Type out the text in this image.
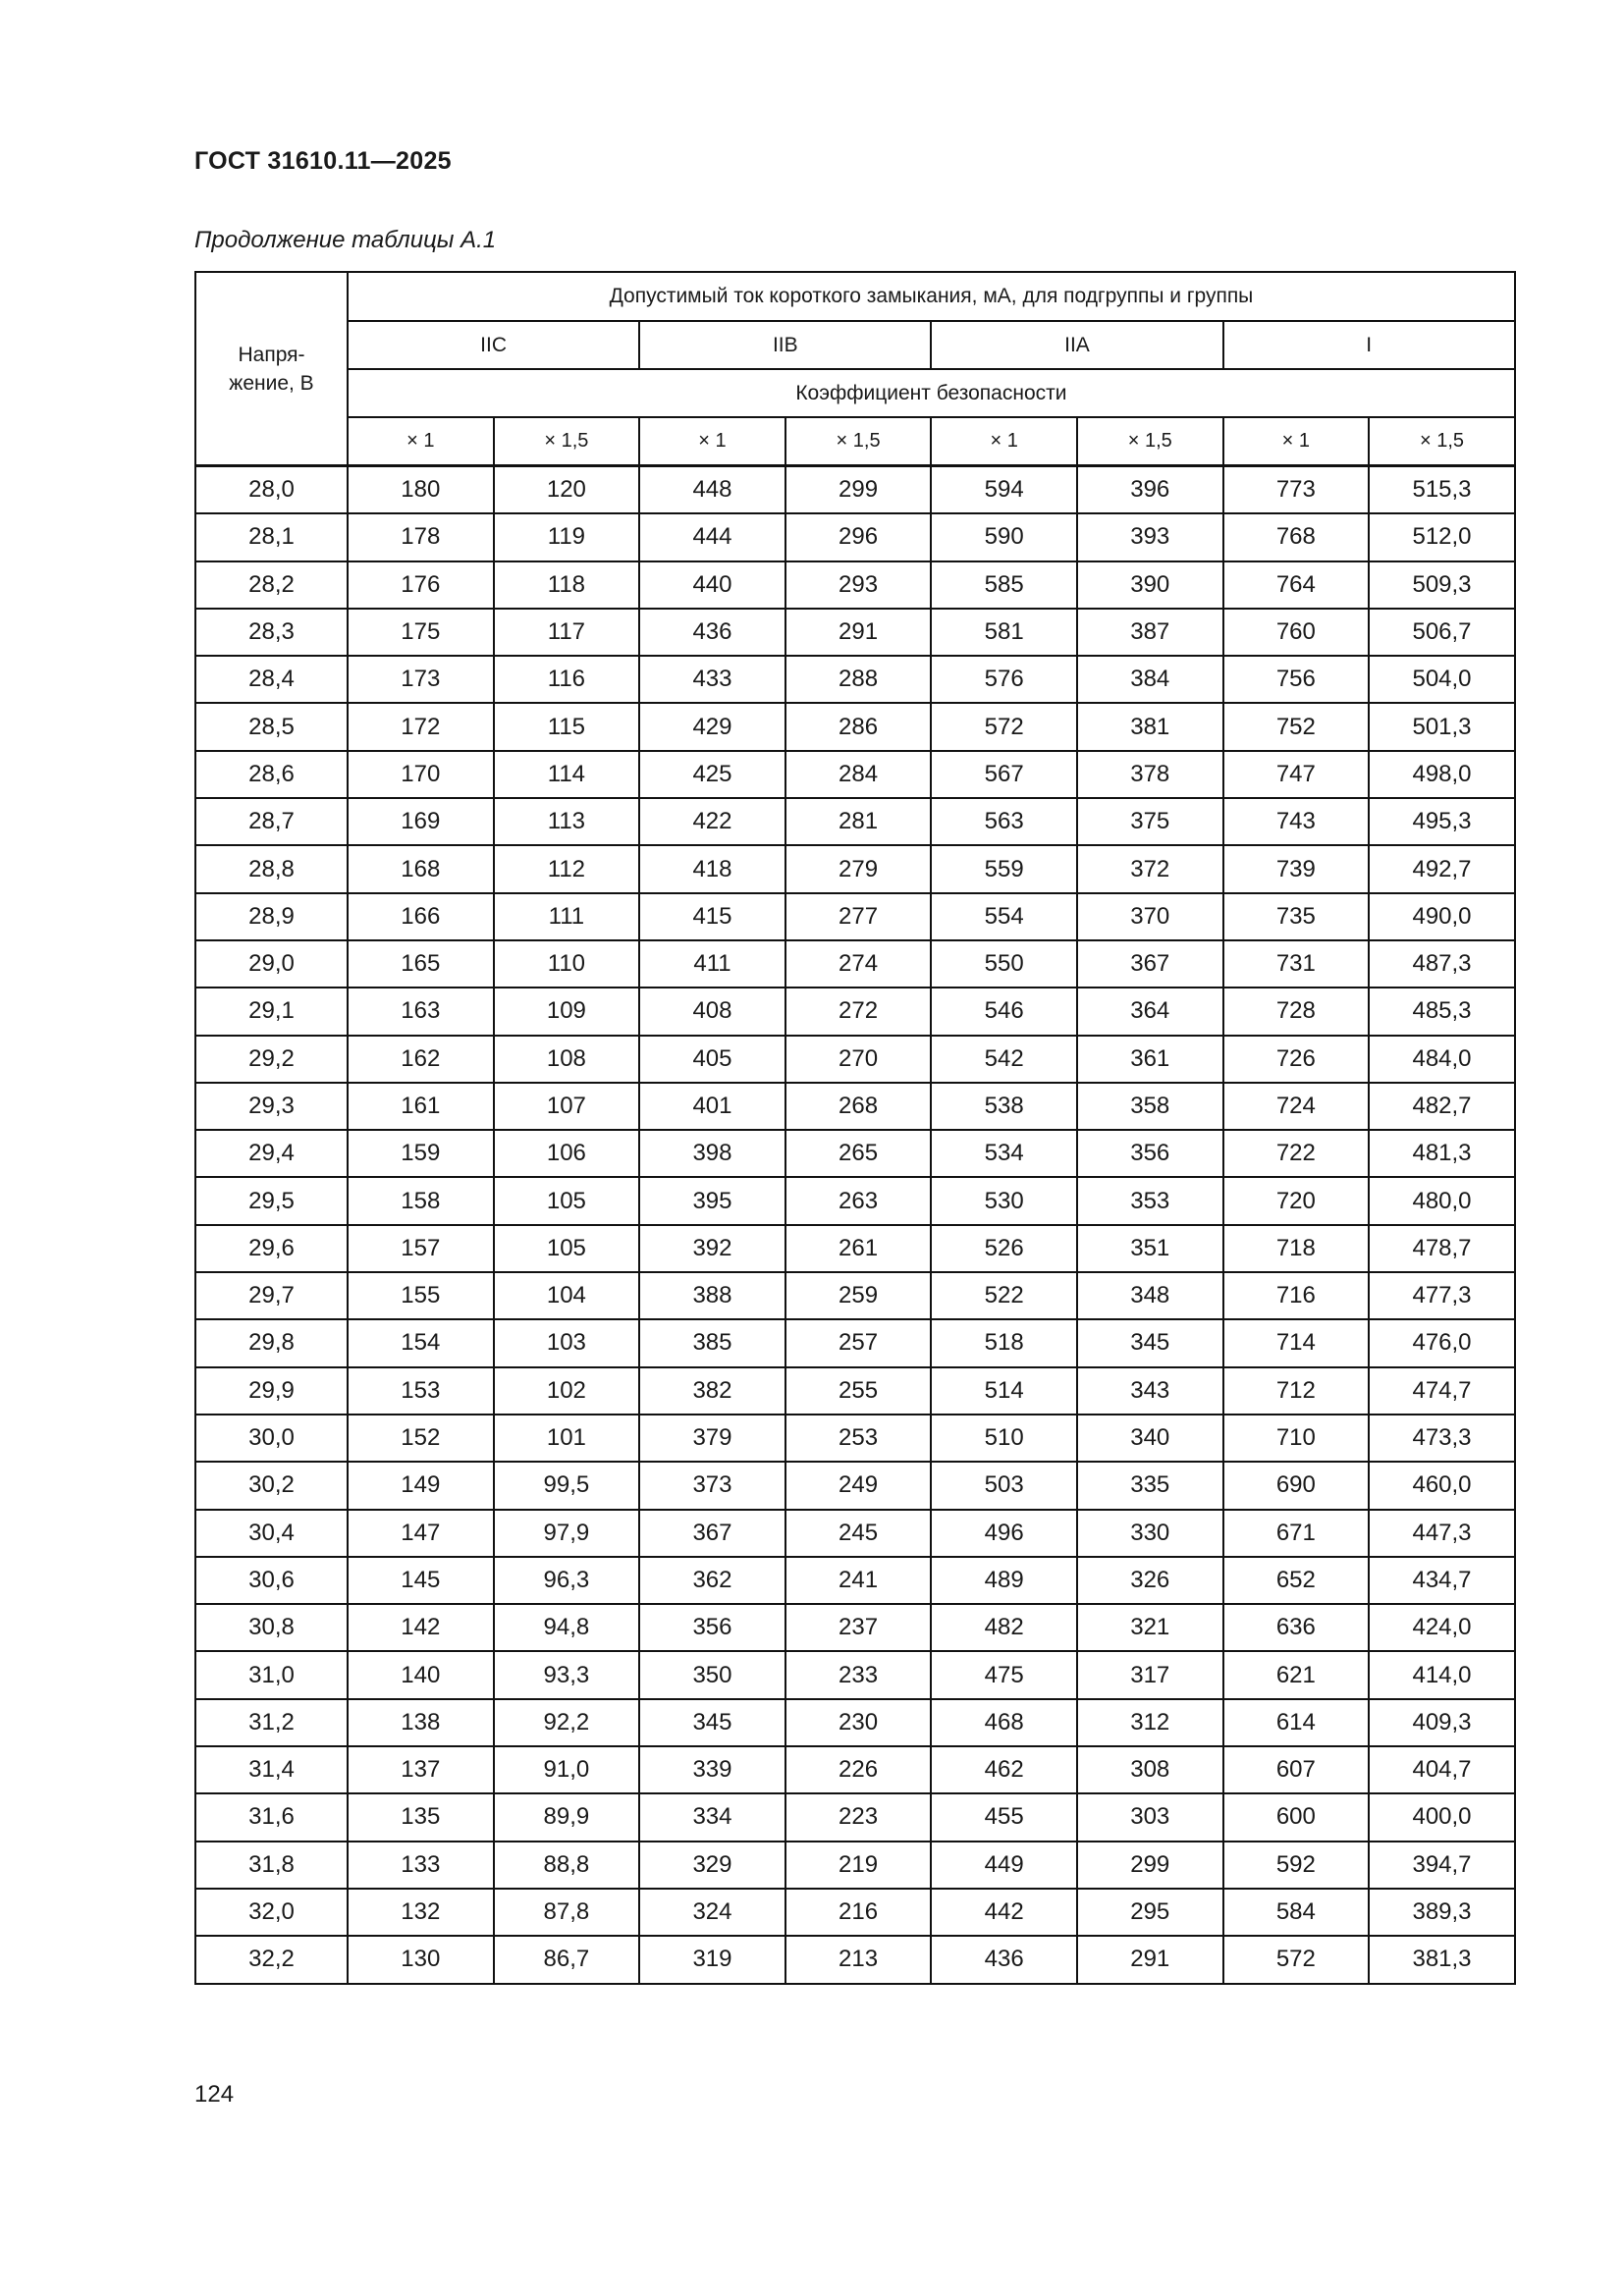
ГОСТ 31610.11—2025
Продолжение таблицы А.1
Напря-
жение, В	Допустимый ток короткого замыкания, мА, для подгруппы и группы							
	IIC		IIB		IIA		I	
	Коэффициент безопасности							
	× 1	× 1,5	× 1	× 1,5	× 1	× 1,5	× 1	× 1,5
28,0	180	120	448	299	594	396	773	515,3
28,1	178	119	444	296	590	393	768	512,0
28,2	176	118	440	293	585	390	764	509,3
28,3	175	117	436	291	581	387	760	506,7
28,4	173	116	433	288	576	384	756	504,0
28,5	172	115	429	286	572	381	752	501,3
28,6	170	114	425	284	567	378	747	498,0
28,7	169	113	422	281	563	375	743	495,3
28,8	168	112	418	279	559	372	739	492,7
28,9	166	111	415	277	554	370	735	490,0
29,0	165	110	411	274	550	367	731	487,3
29,1	163	109	408	272	546	364	728	485,3
29,2	162	108	405	270	542	361	726	484,0
29,3	161	107	401	268	538	358	724	482,7
29,4	159	106	398	265	534	356	722	481,3
29,5	158	105	395	263	530	353	720	480,0
29,6	157	105	392	261	526	351	718	478,7
29,7	155	104	388	259	522	348	716	477,3
29,8	154	103	385	257	518	345	714	476,0
29,9	153	102	382	255	514	343	712	474,7
30,0	152	101	379	253	510	340	710	473,3
30,2	149	99,5	373	249	503	335	690	460,0
30,4	147	97,9	367	245	496	330	671	447,3
30,6	145	96,3	362	241	489	326	652	434,7
30,8	142	94,8	356	237	482	321	636	424,0
31,0	140	93,3	350	233	475	317	621	414,0
31,2	138	92,2	345	230	468	312	614	409,3
31,4	137	91,0	339	226	462	308	607	404,7
31,6	135	89,9	334	223	455	303	600	400,0
31,8	133	88,8	329	219	449	299	592	394,7
32,0	132	87,8	324	216	442	295	584	389,3
32,2	130	86,7	319	213	436	291	572	381,3
124
